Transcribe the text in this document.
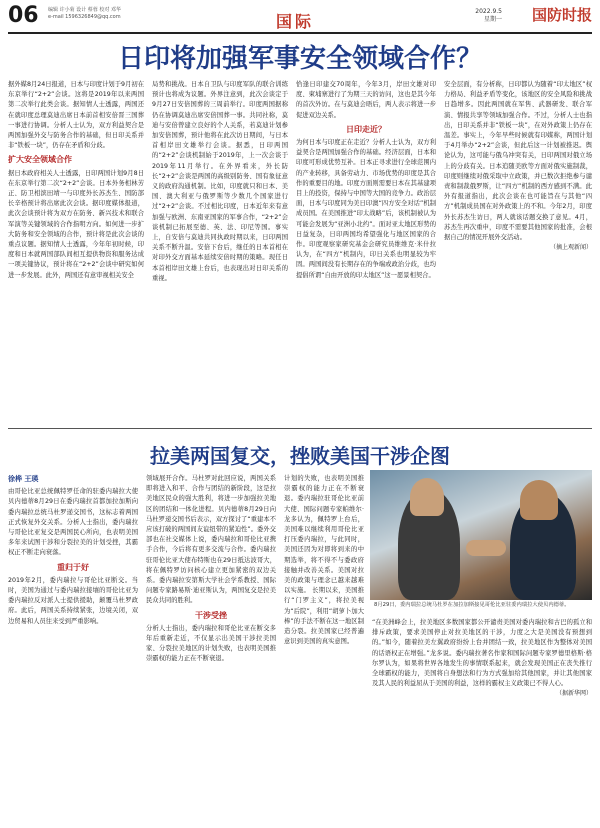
06 编辑 许小菊 设计 蔡蓉 校对 邓华
e-mail 1596326849@qq.com	国际
2022.9.5
星期一 国防时报
日印将加强军事安全领域合作？
据外媒8月24日报道，日本与印度计划于9月初在东京举行“2+2”会谈。这将是2019年以来两国第二次举行此类会谈。据知情人士透露，两国还在就印度总理莫迪出席日本前首相安倍晋三国葬一事进行协调。分析人士认为，双方利益契合是两国加强外交与防务合作的基础，但日印关系并非“铁板一块”，仍存在矛盾和分歧。
扩大安全领域合作
据日本政府相关人士透露，日印两国计划9月8日在东京举行第二次“2+2”会谈。日本外务相林芳正、防卫相滨田靖一与印度外长苏杰生、国防部长辛格预计将出席此次会谈。据印度媒体报道，此次会谈预计将为双方在防务、新兴技术和联合军演等关键领域的合作指明方向。如何进一步扩大防务和安全领域的合作，预计将是此次会谈的重点议题。据知情人士透露，今年年初时候，印度和日本就两国部队间相互提供物资和服务达成一项关键协议，预计将在“2+2”会谈中研究如何进一步发展。此外，两国还有意审视相关安全
局势和挑战。日本自卫队与印度军队的联合训练预计也将成为议题。外界注意到，此次会谈定于9月27日安倍国葬的三周前举行。印度两国据称仍在协调莫迪出席安倍国葬一事。共同社称，莫迪与安倍曾建立良好的个人关系，若莫迪计划参加安倍国葬，预计他将在此次访日期间，与日本首相岸田文雄举行会谈。据悉，日印两国的“2+2”会谈机制始于2019年，上一次会谈于2019年11月举行。在外界看来，外长防长“2+2”会谈是两国的高级别防务、国有象征意义的政府沟通机制。比如，印度就只和日本、美国、澳大利亚与俄罗斯等少数几个国家进行过“2+2”会谈。不过相比印度，日本近年来有意加强与欧洲、东南亚国家的军事合作，“2+2”会谈机制已拓展至德、英、法、印尼等国。事实上，自安倍与莫迪共同执政时期以来，日印两国关系不断升温。安倍下台后，继任的日本首相在对印外交方面基本延续安倍时期的策略。现任日本首相岸田文雄上台后，也表现出对日印关系的重视。
恰逢日印建交70周年，今年3月，岸田文雄对印度、柬埔寨进行了为期三天的访问，这也是其今年的首次外访。在与莫迪会晤后，两人表示将进一步促进双边关系。
日印走近？
为何日本与印度正在走近？分析人士认为，双方利益契合是两国加强合作的基础。经济层面，日本和印度可形成优势互补。日本正寻求进行全球范围内的产业转移，具备劳动力、市场优势的印度是其合作的重要目的地。印度方面则需要日本在其基建项目上的投资，保持与中国等大国的竞争力。政治层面，日本与印度同为美日印澳“四方安全对话”机制成员国。在美国推进“印太战略”后，该机制被认为可能会发展为“亚洲小北约”。面对亚太地区形势的日益复杂，日印两国均希望强化与地区国家的合作。印度观察家研究基金会研究员维维克·米什拉认为，在“四方”机制内，印日关系也明显较为牢固。两国间没有长期存在的争端或政治分歧，也均提倡所谓“自由开放的印太地区”这一愿景相契合。
安全层面，有分析称，日印都认为随着“印太地区”权力格局、利益矛盾等变化，该地区的安全风险和挑战日趋增多。因此两国就在军售、武器研发、联合军演、情报共享等领域加强合作。不过，分析人士也指出，日印关系并非“铁板一块”，在对外政策上仍存在温差。事实上，今年早些时候就有印媒称，两国计划于4月举办“2+2”会谈，但此后这一计划被推迟。舆论认为，这可能与俄乌冲突有关，日印两国对俄立场上的分歧有关。日本追随美欧等方面对俄实施制裁，印度则继续对俄采取中立政策，并已数次拒绝参与谴责和制裁俄罗斯，让“四方”机制的西方感到不满。此外有报道指出，此次会谈在也可能旨在与其他“四方”机制成员国在对外政策上的不和。今年2月，印度外长苏杰生访日，两人就该话题交换了意见。4月，苏杰生再次重申，印度不需要其他国家的批准，会根据自己的情况开展外交活动。
（摘上观新闻）
拉美两国复交，挫败美国干涉企图
徐桦 王瑛
由哥伦比亚总统佩特罗任命的驻委内瑞拉大使贝内德蒂8月29日在委内瑞拉首都加拉加斯向委内瑞拉总统马杜罗递交国书，这标志着两国正式恢复外交关系。分析人士指出，委内瑞拉与哥伦比亚复交是两国民心所向，也表明美国多年来试图干涉和分裂拉美的计划受挫，其霸权正不断走向衰落。
重归于好
2019年2月，委内瑞拉与哥伦比亚断交。当时，美国为通过与委内瑞拉接壤的哥伦比亚为委内瑞拉反对派人士提供援助，颠覆马杜罗政府。此后，两国关系持续紧张，边境关闭，双边贸易和人员往来受到严重影响。
领域展开合作。马杜罗对此回应说，两国关系即将进入和平、合作与团结的新阶段，这是拉美地区民众的强大胜利，将进一步加强拉美地区的团结和一体化进程。贝内德蒂8月29日向马杜罗递交国书后表示，双方探讨了“重建本不应该打破的两国间友谊纽带的紧迫性”。委外交部也在社交媒体上说，委内瑞拉和哥伦比亚携手合作，今后将有更多交流与合作。委内瑞拉驻哥伦比亚大使布特斯也在29日抵达波哥大，将在佩特罗访问核心建立更加紧密的双边关系。委内瑞拉安第斯大学社会学系教授、国际问题专家路易斯·迪亚斯认为，两国复交是拉美民众共同的胜利。
干涉受挫
分析人士指出，委内瑞拉和哥伦比亚在断交多年后重新走近，不仅显示出美国干涉拉美国家、分裂拉美地区的计划失败，也表明美国推崇霸权的能力正在不断衰退。
计划的失败，也表明美国推崇霸权的能力正在不断衰退。委内瑞拉驻哥伦比亚前大使、国际问题专家帕维尔·龙多认为，佩特罗上台后，美国难以继续利用哥伦比亚打压委内瑞拉，与此同时，美国还因为对即将到来的中期选举，将不得不与委政府接触并改善关系。美国对拉美的政策与理念已越来越难以实施。 长期以来，美国推行“门罗主义”，将拉美视为“后院”，利用“胡萝卜加大棒”的手法不断在这一地区制造分裂。拉美国家已经普遍意识到美国的真实意图。
8月29日，委内瑞拉总统马杜罗在加拉加斯接见哥伦比亚驻委内瑞拉大使贝内德蒂。
“在美洲峰会上，拉美地区多数国家都公开谴责美国对委内瑞拉和古巴的孤立和排斥政策，要求美国停止对拉美地区的干涉，力度之大是美国没有预想到的。”如今，随着拉美左翼政府纷纷上台并团结一致，拉美地区作为整体对美国的话语权正在增强。”龙多说。委内瑞拉著名作家和国际问题专家罗德里格斯·格尔罗认为，如果将世界各地发生的事情联系起来，就会发现美国正在丧失推行全球霸权的能力，美国将自身想法和行为方式强加给其他国家，并让其他国家及其人民的利益屈从于美国的利益，这样的霸权主义政策已不得人心。
（据新华网）
